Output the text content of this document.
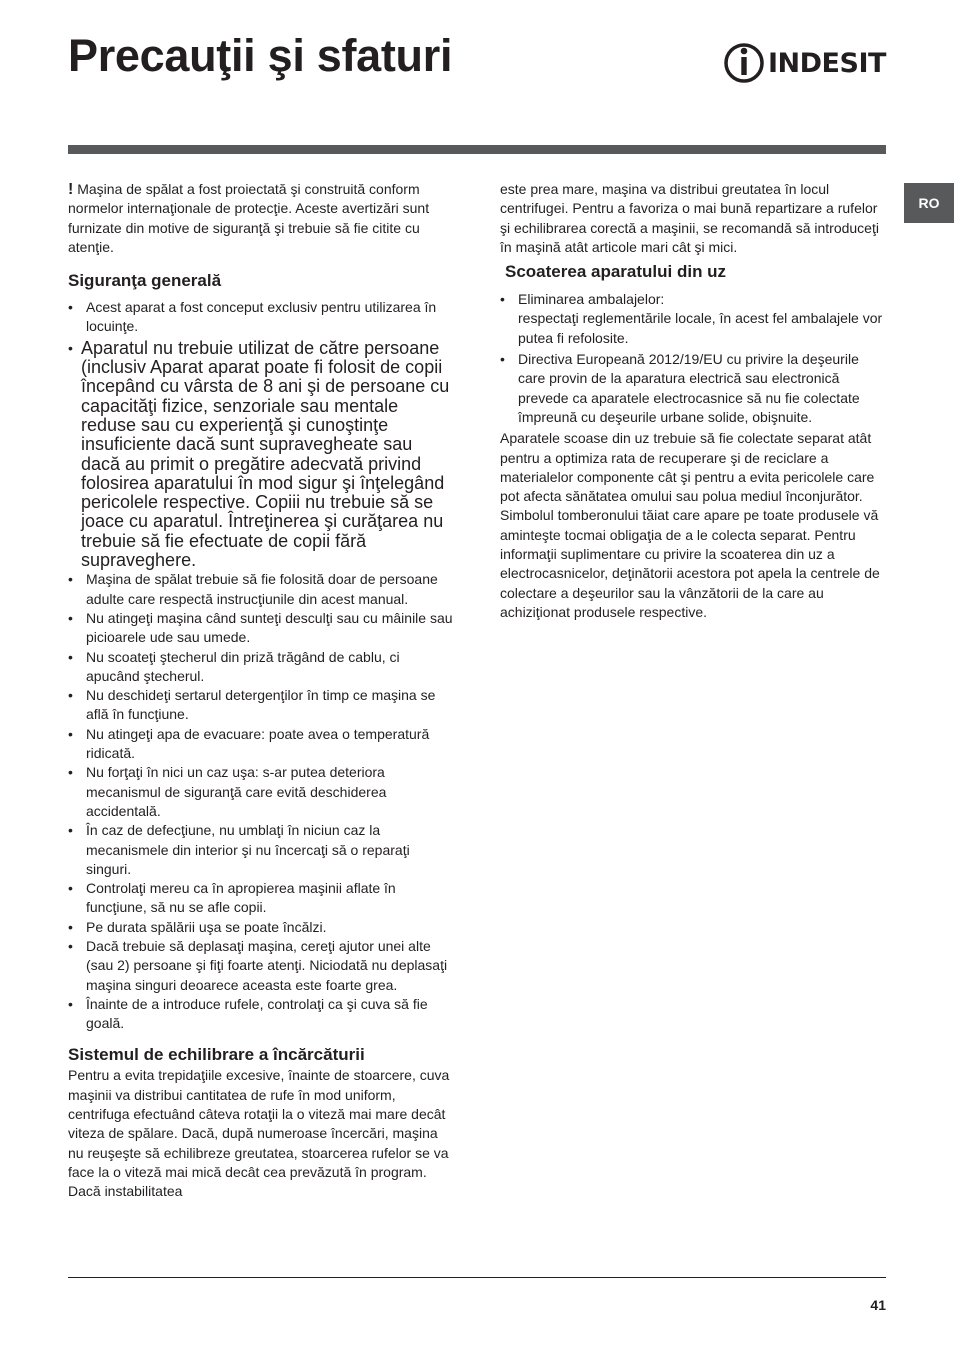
Precauţii şi sfaturi	INDESIT
RO

! Maşina de spălat a fost proiectată şi construită conform normelor internaţionale de protecţie. Aceste avertizări sunt furnizate din motive de siguranţă şi trebuie să fie citite cu atenţie.

Siguranţa generală
• Acest aparat a fost conceput exclusiv pentru utilizarea în locuinţe.
• Aparatul nu trebuie utilizat de către persoane (inclusiv Aparat aparat poate fi folosit de copii începând cu vârsta de 8 ani şi de persoane cu capacităţi fizice, senzoriale sau mentale reduse sau cu experienţă şi cunoştinţe insuficiente dacă sunt supravegheate sau dacă au primit o pregătire adecvată privind folosirea aparatului în mod sigur şi înţelegând pericolele respective. Copiii nu trebuie să se joace cu aparatul. Întreţinerea şi curăţarea nu trebuie să fie efectuate de copii fără supraveghere.
• Maşina de spălat trebuie să fie folosită doar de persoane adulte care respectă instrucţiunile din acest manual.
• Nu atingeţi maşina când sunteţi desculţi sau cu mâinile sau picioarele ude sau umede.
• Nu scoateţi ştecherul din priză trăgând de cablu, ci apucând ştecherul.
• Nu deschideţi sertarul detergenţilor în timp ce maşina se află în funcţiune.
• Nu atingeţi apa de evacuare: poate avea o temperatură ridicată.
• Nu forţaţi în nici un caz uşa: s-ar putea deteriora mecanismul de siguranţă care evită deschiderea accidentală.
• În caz de defecţiune, nu umblaţi în niciun caz la mecanismele din interior şi nu încercaţi să o reparaţi singuri.
• Controlaţi mereu ca în apropierea maşinii aflate în funcţiune, să nu se afle copii.
• Pe durata spălării uşa se poate încălzi.
• Dacă trebuie să deplasaţi maşina, cereţi ajutor unei alte (sau 2) persoane şi fiţi foarte atenţi. Niciodată nu deplasaţi maşina singuri deoarece aceasta este foarte grea.
• Înainte de a introduce rufele, controlaţi ca şi cuva să fie goală.
Sistemul de echilibrare a încărcăturii

Pentru a evita trepidaţiile excesive, înainte de stoarcere, cuva maşinii va distribui cantitatea de rufe în mod uniform, centrifuga efectuând câteva rotaţii la o viteză mai mare decât viteza de spălare. Dacă, după numeroase încercări, maşina nu reuşeşte să echilibreze greutatea, stoarcerea rufelor se va face la o viteză mai mică decât cea prevăzută în program. Dacă instabilitatea

este prea mare, maşina va distribui greutatea în locul centrifugei. Pentru a favoriza o mai bună repartizare a rufelor şi echilibrarea corectă a maşinii, se recomandă să introduceţi în maşină atât articole mari cât şi mici.

Scoaterea aparatului din uz
• Eliminarea ambalajelor:
respectaţi reglementările locale, în acest fel ambalajele vor putea fi refolosite.
• Directiva Europeană 2012/19/EU cu privire la deşeurile care provin de la aparatura electrică sau electronică prevede ca aparatele electrocasnice să nu fie colectate împreună cu deşeurile urbane solide, obişnuite.

Aparatele scoase din uz trebuie să fie colectate separat atât pentru a optimiza rata de recuperare şi de reciclare a materialelor componente cât şi pentru a evita pericolele care pot afecta sănătatea omului sau polua mediul înconjurător. Simbolul tomberonului tăiat care apare pe toate produsele vă aminteşte tocmai obligaţia de a le colecta separat. Pentru informaţii suplimentare cu privire la scoaterea din uz a electrocasnicelor, deţinătorii acestora pot apela la centrele de colectare a deşeurilor sau la vânzătorii de la care au achiziţionat produsele respective.

41
